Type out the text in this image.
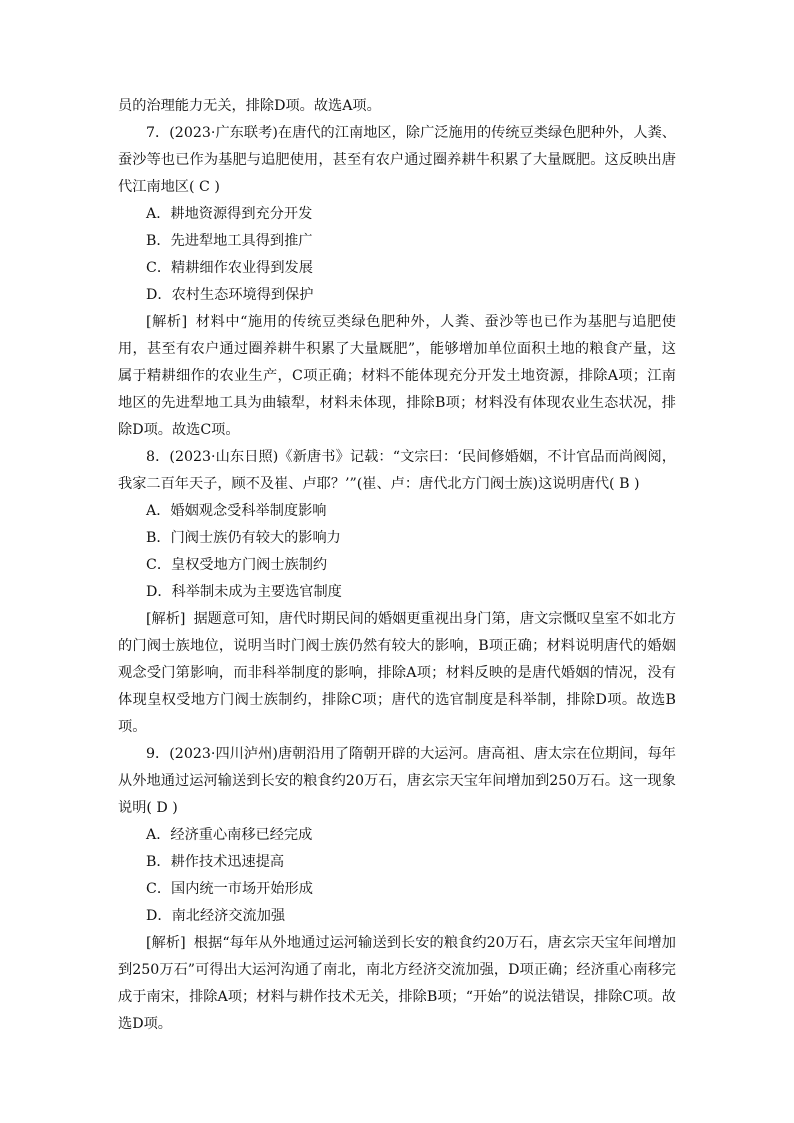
员的治理能力无关，排除D项。故选A项。

7．(2023·广东联考)在唐代的江南地区，除广泛施用的传统豆类绿色肥种外，人粪、蚕沙等也已作为基肥与追肥使用，甚至有农户通过圈养耕牛积累了大量厩肥。这反映出唐代江南地区( C )

A．耕地资源得到充分开发

B．先进犁地工具得到推广

C．精耕细作农业得到发展

D．农村生态环境得到保护

[解析] 材料中“施用的传统豆类绿色肥种外，人粪、蚕沙等也已作为基肥与追肥使用，甚至有农户通过圈养耕牛积累了大量厩肥”，能够增加单位面积土地的粮食产量，这属于精耕细作的农业生产，C项正确；材料不能体现充分开发土地资源，排除A项；江南地区的先进犁地工具为曲辕犁，材料未体现，排除B项；材料没有体现农业生态状况，排除D项。故选C项。

8．(2023·山东日照)《新唐书》记载：“文宗曰：‘民间修婚姻，不计官品而尚阀阅，我家二百年天子，顾不及崔、卢耶？’”(崔、卢：唐代北方门阀士族)这说明唐代( B )

A．婚姻观念受科举制度影响

B．门阀士族仍有较大的影响力

C．皇权受地方门阀士族制约

D．科举制未成为主要选官制度

[解析] 据题意可知，唐代时期民间的婚姻更重视出身门第，唐文宗慨叹皇室不如北方的门阀士族地位，说明当时门阀士族仍然有较大的影响，B项正确；材料说明唐代的婚姻观念受门第影响，而非科举制度的影响，排除A项；材料反映的是唐代婚姻的情况，没有体现皇权受地方门阀士族制约，排除C项；唐代的选官制度是科举制，排除D项。故选B项。

9．(2023·四川泸州)唐朝沿用了隋朝开辟的大运河。唐高祖、唐太宗在位期间，每年从外地通过运河输送到长安的粮食约20万石，唐玄宗天宝年间增加到250万石。这一现象说明( D )

A．经济重心南移已经完成

B．耕作技术迅速提高

C．国内统一市场开始形成

D．南北经济交流加强

[解析] 根据“每年从外地通过运河输送到长安的粮食约20万石，唐玄宗天宝年间增加到250万石”可得出大运河沟通了南北，南北方经济交流加强，D项正确；经济重心南移完成于南宋，排除A项；材料与耕作技术无关，排除B项；“开始”的说法错误，排除C项。故选D项。
